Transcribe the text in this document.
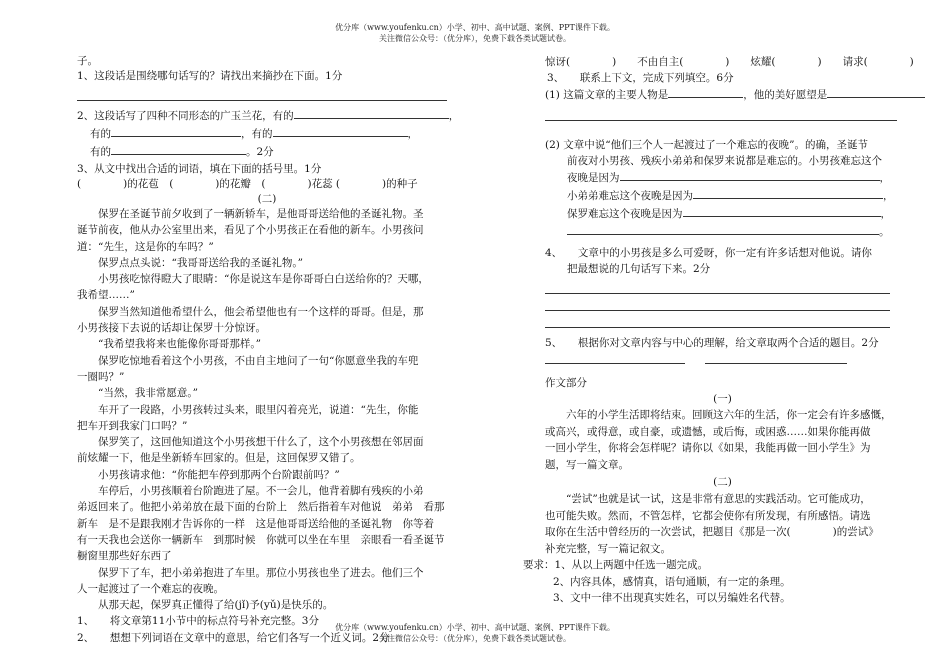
优分库（www.youfenku.cn）小学、初中、高中试题、案例、PPT课件下载。
关注微信公众号：（优分库），免费下载各类试题试卷。

子。

1、这段话是围绕哪句话写的？请找出来摘抄在下面。1分

2、这段话写了四种不同形态的广玉兰花，有的	，

有的	，有的	，

有的	。2分

3、从文中找出合适的词语，填在下面的括号里。1分

(　　　　)的花苞　(　　　　)的花瓣　(　　　　)花蕊 (　　　　)的种子

(二)

保罗在圣诞节前夕收到了一辆新轿车，是他哥哥送给他的圣诞礼物。圣

诞节前夜，他从办公室里出来，看见了个小男孩正在看他的新车。小男孩问

道：“先生，这是你的车吗？”

保罗点点头说：“我哥哥送给我的圣诞礼物。”

小男孩吃惊得瞪大了眼睛：“你是说这车是你哥哥白白送给你的？天哪，

我希望……”

保罗当然知道他希望什么，他会希望他也有一个这样的哥哥。但是，那

小男孩接下去说的话却让保罗十分惊讶。

“我希望我将来也能像你哥哥那样。”

保罗吃惊地看着这个小男孩，不由自主地问了一句“你愿意坐我的车兜

一圈吗？”

“当然，我非常愿意。”

车开了一段路，小男孩转过头来，眼里闪着亮光，说道：“先生，你能

把车开到我家门口吗？”

保罗笑了，这回他知道这个小男孩想干什么了，这个小男孩想在邻居面

前炫耀一下，他是坐新轿车回家的。但是，这回保罗又错了。

小男孩请求他：“你能把车停到那两个台阶跟前吗？”

车停后，小男孩顺着台阶跑进了屋。不一会儿，他背着脚有残疾的小弟

弟返回来了。他把小弟弟放在最下面的台阶上　然后指着车对他说　弟弟　看那

新车　是不是跟我刚才告诉你的一样　这是他哥哥送给他的圣诞礼物　你等着

有一天我也会送你一辆新车　到那时候　你就可以坐在车里　亲眼看一看圣诞节

橱窗里那些好东西了

保罗下了车，把小弟弟抱进了车里。那位小男孩也坐了进去。他们三个

人一起渡过了一个难忘的夜晚。

从那天起，保罗真正懂得了给(jǐ)予(yǔ)是快乐的。

1、　　将文章第11小节中的标点符号补充完整。3分

2、　　想想下列词语在文章中的意思，给它们各写一个近义词。2分

惊讶(　　　　)　　不由自主(　　　　)　　炫耀(　　　　)　　请求(　　　　)

3、　　联系上下文，完成下列填空。6分

(1) 这篇文章的主要人物是	，他的美好愿望是

(2) 文章中说“他们三个人一起渡过了一个难忘的夜晚”。的确，圣诞节

前夜对小男孩、残疾小弟弟和保罗来说都是难忘的。小男孩难忘这个

夜晚是因为	，

小弟弟难忘这个夜晚是因为	，

保罗难忘这个夜晚是因为	，

。

4、　　文章中的小男孩是多么可爱呀，你一定有许多话想对他说。请你

把最想说的几句话写下来。2分

5、　　根据你对文章内容与中心的理解，给文章取两个合适的题目。2分

作文部分

(一)

六年的小学生活即将结束。回顾这六年的生活，你一定会有许多感慨，

或高兴，或得意，或自豪，或遗憾，或后悔，或困惑……如果你能再做

一回小学生，你将会怎样呢？请你以《如果，我能再做一回小学生》为

题，写一篇文章。

(二)

“尝试”也就是试一试，这是非常有意思的实践活动。它可能成功，

也可能失败。然而，不管怎样，它都会使你有所发现，有所感悟。请选

取你在生活中曾经历的一次尝试，把题目《那是一次(　　　　)的尝试》

补充完整，写一篇记叙文。

要求：1、从以上两题中任选一题完成。

2、内容具体，感情真，语句通顺，有一定的条理。

3、文中一律不出现真实姓名，可以另编姓名代替。

优分库（www.youfenku.cn）小学、初中、高中试题、案例、PPT课件下载。
关注微信公众号：（优分库），免费下载各类试题试卷。
